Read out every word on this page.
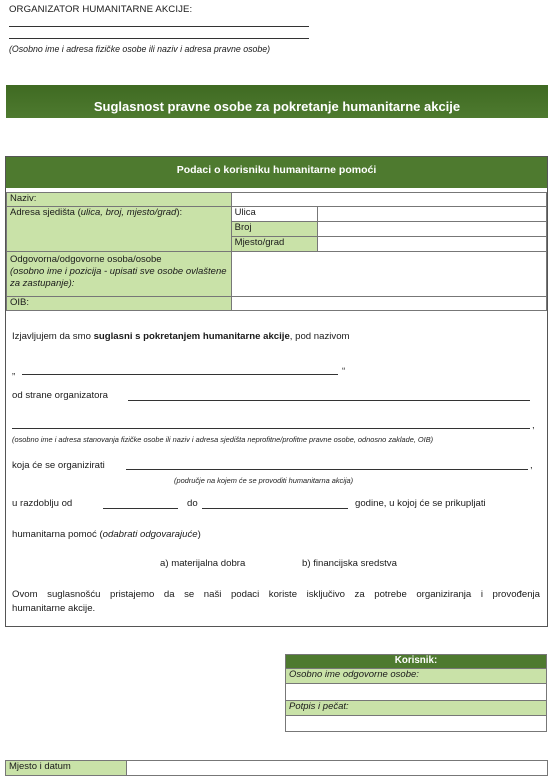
ORGANIZATOR HUMANITARNE AKCIJE:
(Osobno ime i adresa fizičke osobe ili naziv i adresa pravne osobe)
Suglasnost pravne osobe za pokretanje humanitarne akcije
Podaci o korisniku humanitarne pomoći
Naziv:		
Adresa sjedišta (ulica, broj, mjesto/grad):	Ulica	
	Broj	
	Mjesto/grad	
Odgovorna/odgovorne osoba/osobe
(osobno ime i pozicija - upisati sve osobe ovlaštene za zastupanje):		
OIB:		
Izjavljujem da smo suglasni s pokretanjem humanitarne akcije, pod nazivom
„	“
od strane organizatora
,
(osobno ime i adresa stanovanja fizičke osobe ili naziv i adresa sjedišta neprofitne/profitne pravne osobe, odnosno zaklade, OIB)
koja će se organizirati	,
(područje na kojem će se provoditi humanitarna akcija)
u razdoblju od	do	godine, u kojoj će se prikupljati
humanitarna pomoć (odabrati odgovarajuće)
a) materijalna dobra	b) financijska sredstva
Ovom suglasnošću pristajemo da se naši podaci koriste isključivo za potrebe organiziranja i provođenja
humanitarne akcije.
Korisnik:
Osobno ime odgovorne osobe:

Potpis i pečat:

Mjesto i datum	
